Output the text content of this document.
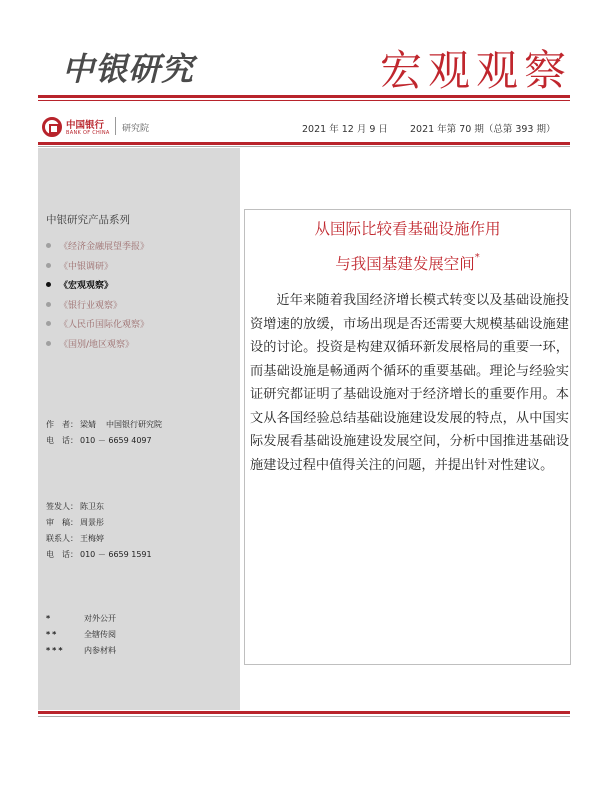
中银研究	宏观观察
中国银行
BANK OF CHINA 研究院	2021 年 12 月 9 日 2021 年第 70 期（总第 393 期）
中银研究产品系列
《经济金融展望季报》
《中银调研》
《宏观观察》
《银行业观察》
《人民币国际化观察》
《国别/地区观察》
作　者： 梁婧 中国银行研究院
电　话： 010 － 6659 4097
签发人： 陈卫东
审　稿： 周景彤
联系人： 王梅婷
电　话： 010 － 6659 1591
*	对外公开
**	全辖传阅
*** 内参材料
从国际比较看基础设施作用
与我国基建发展空间*

近年来随着我国经济增长模式转变以及基础设施投资增速的放缓，市场出现是否还需要大规模基础设施建设的讨论。投资是构建双循环新发展格局的重要一环，而基础设施是畅通两个循环的重要基础。理论与经验实证研究都证明了基础设施对于经济增长的重要作用。本文从各国经验总结基础设施建设发展的特点，从中国实际发展看基础设施建设发展空间，分析中国推进基础设施建设过程中值得关注的问题，并提出针对性建议。
